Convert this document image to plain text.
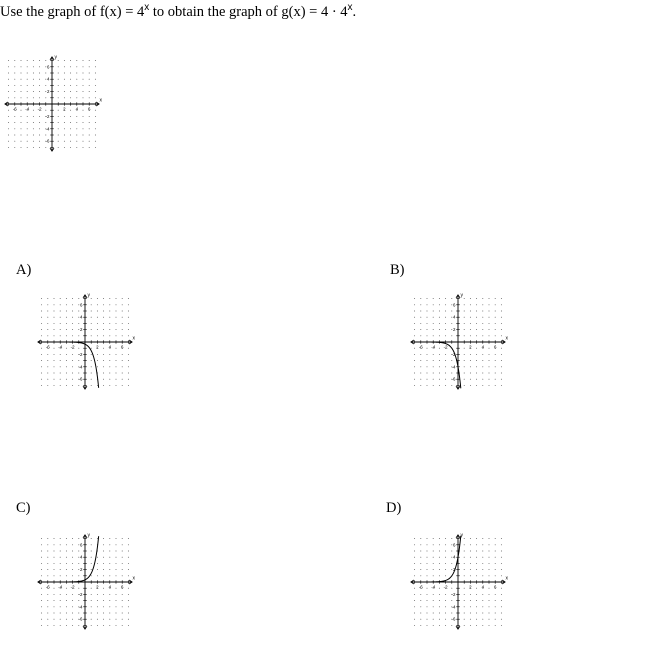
Use the graph of $f(x) = 4^x$ to obtain the graph of $g(x) = 4 \cdot 4^x$.

-6 -4 -2	2 4 6
6
4
2
-2
-4
-6
x
y
A)
-6 -4 -2	2 4 6
6
4
2
-2
-4
-6
x
y
B)
-6 -4 -2	2 4 6
6
4
2
-2
-4
-6
x
y
C)
-6 -4 -2	2 4 6
6
4
2
-2
-4
-6
x
y
D)
-6 -4 -2	2 4 6
6
4
2
-2
-4
-6
x
y
